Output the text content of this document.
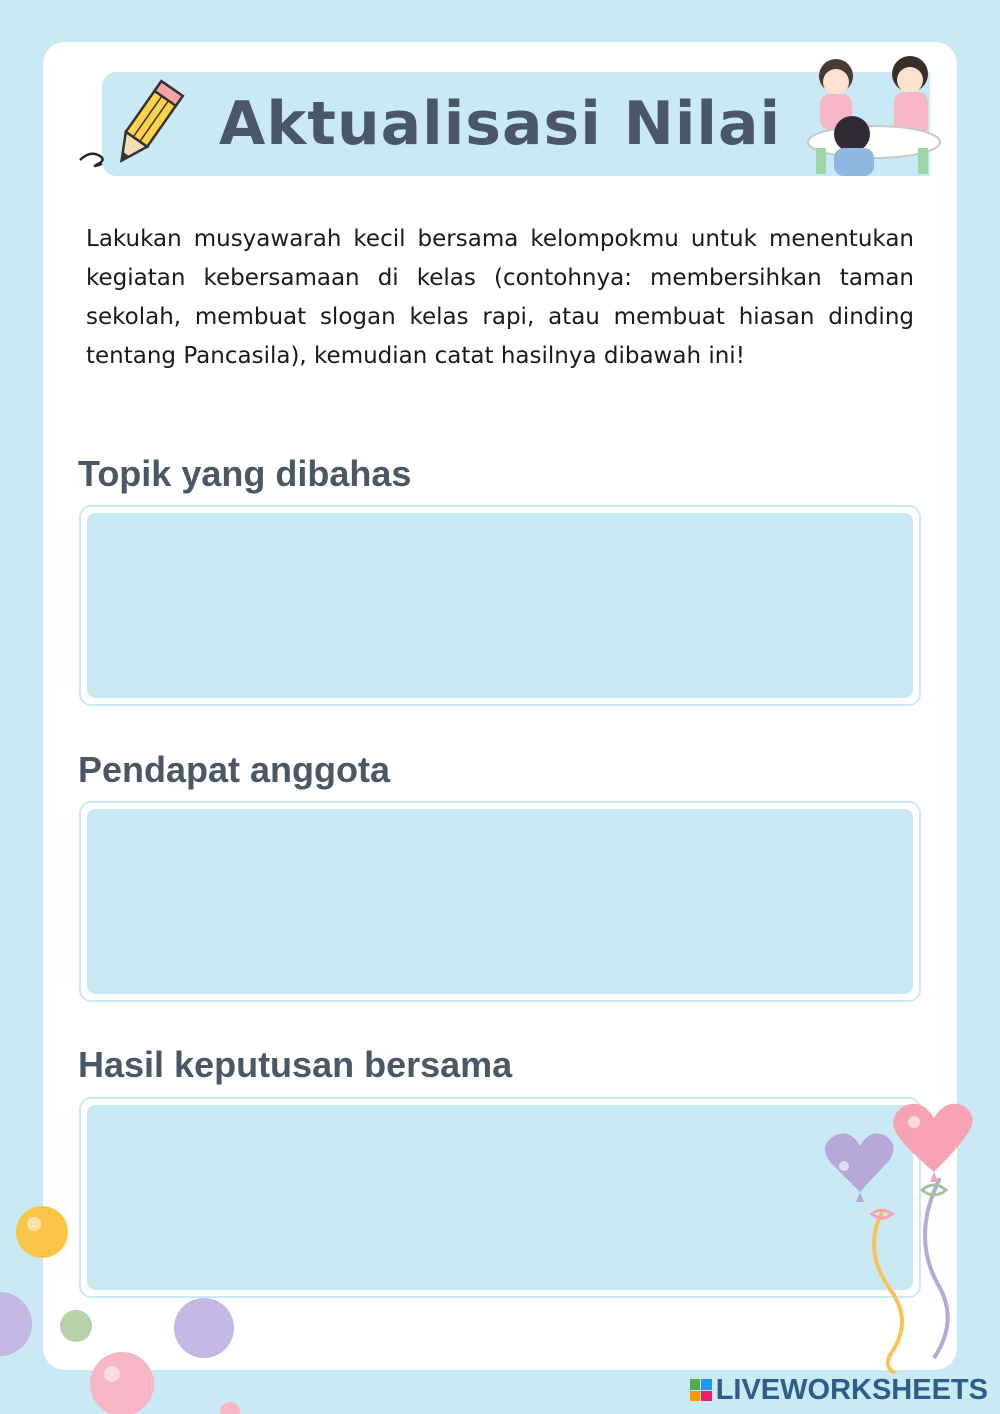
Aktualisasi Nilai
Lakukan musyawarah kecil bersama kelompokmu untuk menentukan kegiatan kebersamaan di kelas (contohnya: membersihkan taman sekolah, membuat slogan kelas rapi, atau membuat hiasan dinding tentang Pancasila), kemudian catat hasilnya dibawah ini!
Topik yang dibahas
Pendapat anggota
Hasil keputusan bersama
LIVEWORKSHEETS
